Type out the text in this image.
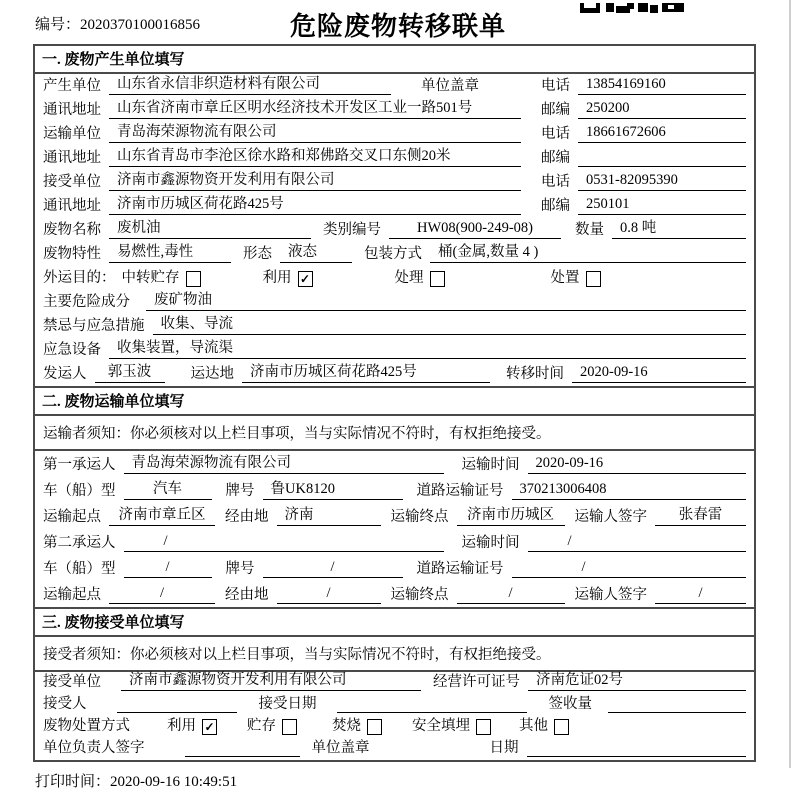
编号：2020370100016856	危险废物转移联单
一. 废物产生单位填写
产生单位	山东省永信非织造材料有限公司	单位盖章	电话	13854169160
通讯地址	山东省济南市章丘区明水经济技术开发区工业一路501号	邮编	250200
运输单位	青岛海荣源物流有限公司	电话	18661672606
通讯地址	山东省青岛市李沧区徐水路和郑佛路交叉口东侧20米	邮编
接受单位	济南市鑫源物资开发利用有限公司	电话	0531-82095390
通讯地址	济南市历城区荷花路425号	邮编	250101
废物名称	废机油	类别编号	HW08(900-249-08)	数量	0.8 吨
废物特性	易燃性,毒性	形态	液态	包装方式	桶(金属,数量 4 )
外运目的： 中转贮存	利用 ✓	处理	处置
主要危险成分	废矿物油
禁忌与应急措施	收集、导流
应急设备	收集装置，导流渠
发运人	郭玉波	运达地	济南市历城区荷花路425号	转移时间	2020-09-16
二. 废物运输单位填写
运输者须知：你必须核对以上栏目事项，当与实际情况不符时，有权拒绝接受。
第一承运人	青岛海荣源物流有限公司	运输时间	2020-09-16
车（船）型	汽车	牌号	鲁UK8120	道路运输证号	370213006408
运输起点	济南市章丘区	经由地	济南	运输终点	济南市历城区	运输人签字	张春雷
第二承运人	/	运输时间	/
车（船）型	/	牌号	/	道路运输证号	/
运输起点	/	经由地	/	运输终点	/	运输人签字	/
三. 废物接受单位填写
接受者须知：你必须核对以上栏目事项，当与实际情况不符时，有权拒绝接受。
接受单位	济南市鑫源物资开发利用有限公司	经营许可证号	济南危证02号
接受人	接受日期	签收量
废物处置方式	利用 ✓ 贮存	焚烧	安全填埋	其他
单位负责人签字	单位盖章	日期
打印时间：2020-09-16 10:49:51
